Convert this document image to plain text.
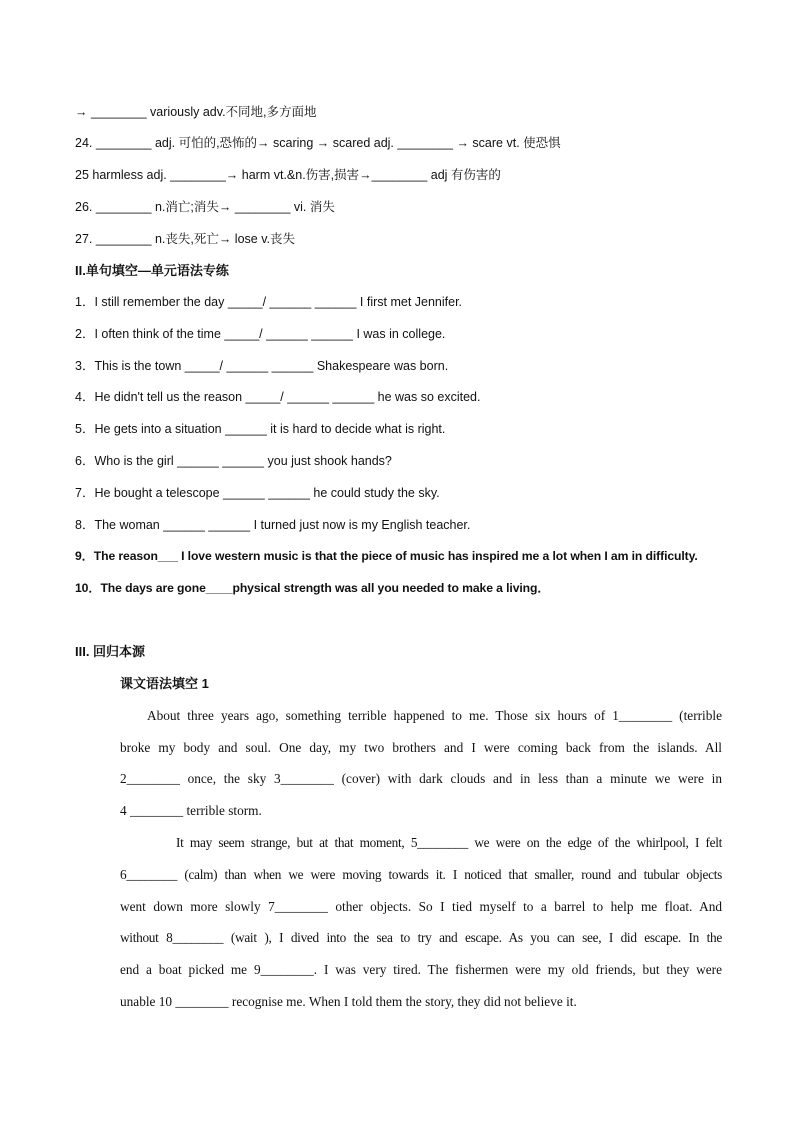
→ ________ variously adv.不同地,多方面地
24. ________ adj. 可怕的,恐怖的→ scaring → scared adj. ________ → scare vt. 使恐惧
25 harmless adj. ________→ harm vt.&n.伤害,损害→________ adj 有伤害的
26. ________ n.消亡;消失→ ________ vi. 消失
27. ________ n.丧失,死亡→ lose v.丧失
II.单句填空—单元语法专练
1．I still remember the day _____/ ______ ______ I first met Jennifer.
2．I often think of the time _____/ ______ ______ I was in college.
3．This is the town _____/ ______ ______ Shakespeare was born.
4．He didn't tell us the reason _____/ ______ ______ he was so excited.
5．He gets into a situation ______ it is hard to decide what is right.
6．Who is the girl ______ ______ you just shook hands?
7．He bought a telescope ______ ______ he could study the sky.
8．The woman ______ ______ I turned just now is my English teacher.
9．The reason___ I love western music is that the piece of music has inspired me a lot when I am in difficulty.
10．The days are gone____physical strength was all you needed to make a living．
III. 回归本源
课文语法填空 1
About three years ago, something terrible happened to me. Those six hours of 1________ (terrible
broke my body and soul. One day, my two brothers and I were coming back from the islands. All
2________ once, the sky 3________ (cover) with dark clouds and in less than a minute we were in
4 ________ terrible storm.
It may seem strange, but at that moment, 5________ we were on the edge of the whirlpool, I felt
6________ (calm) than when we were moving towards it. I noticed that smaller, round and tubular objects
went down more slowly 7________ other objects. So I tied myself to a barrel to help me float. And
without 8________ (wait ), I dived into the sea to try and escape. As you can see, I did escape. In the
end a boat picked me 9________. I was very tired. The fishermen were my old friends, but they were
unable 10 ________ recognise me. When I told them the story, they did not believe it.
